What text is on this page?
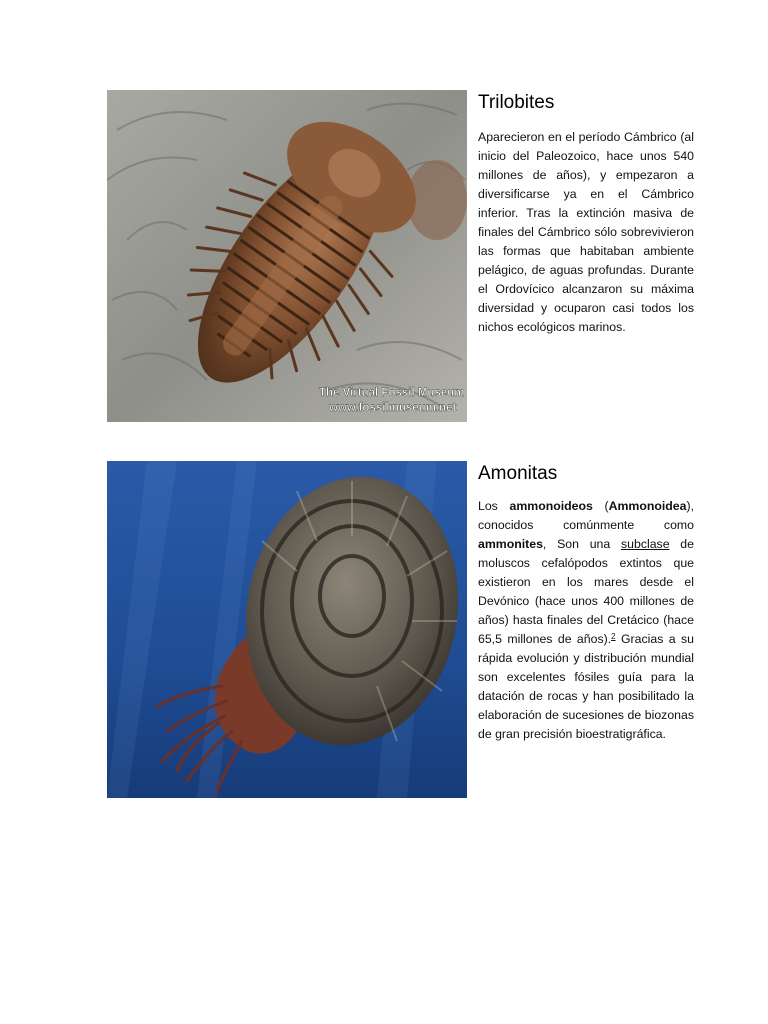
The Virtual Fossil Museum
www.fossilmuseum.net
Trilobites
Aparecieron en el período Cámbrico (al inicio del Paleozoico, hace unos 540 millones de años), y empezaron a diversificarse ya en el Cámbrico inferior. Tras la extinción masiva de finales del Cámbrico sólo sobrevivieron las formas que habitaban ambiente pelágico, de aguas profundas. Durante el Ordovícico alcanzaron su máxima diversidad y ocuparon casi todos los nichos ecológicos marinos.
Amonitas
Los ammonoideos (Ammonoidea), conocidos comúnmente como ammonites, Son una subclase de moluscos cefalópodos extintos que existieron en los mares desde el Devónico (hace unos 400 millones de años) hasta finales del Cretácico (hace 65,5 millones de años).$^2$ Gracias a su rápida evolución y distribución mundial son excelentes fósiles guía para la datación de rocas y han posibilitado la elaboración de sucesiones de biozonas de gran precisión bioestratigráfica.
